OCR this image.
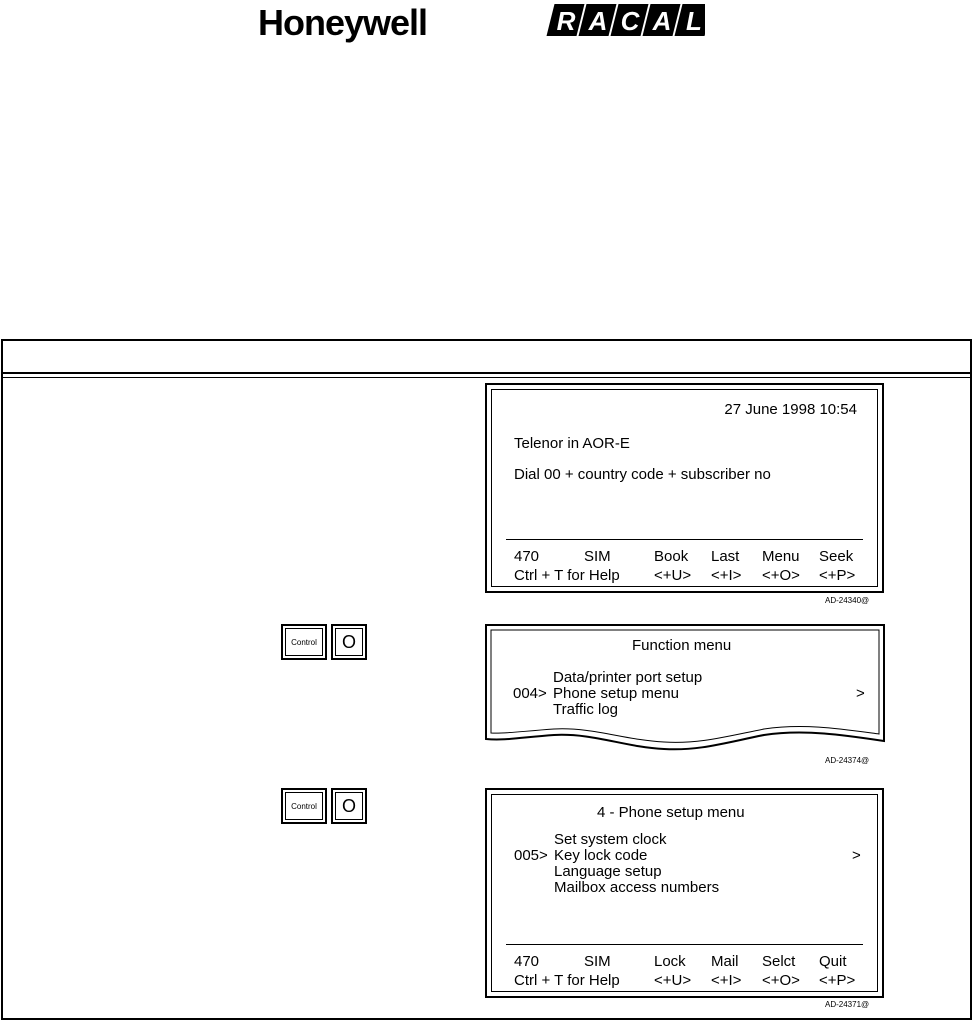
Honeywell	R A C A L
27 June 1998 10:54
Telenor in AOR-E
Dial 00 + country code + subscriber no
470	SIM	Book Last Menu Seek
Ctrl + T for Help <+U> <+I> <+O> <+P>
AD-24340@
Control	O	Function menu
Data/printer port setup
004> Phone setup menu	>
Traffic log
AD-24374@
Control	O	4 - Phone setup menu
Set system clock
005> Key lock code	>
Language setup
Mailbox access numbers
470	SIM	Lock Mail Selct Quit
Ctrl + T for Help <+U> <+I> <+O> <+P>
AD-24371@
